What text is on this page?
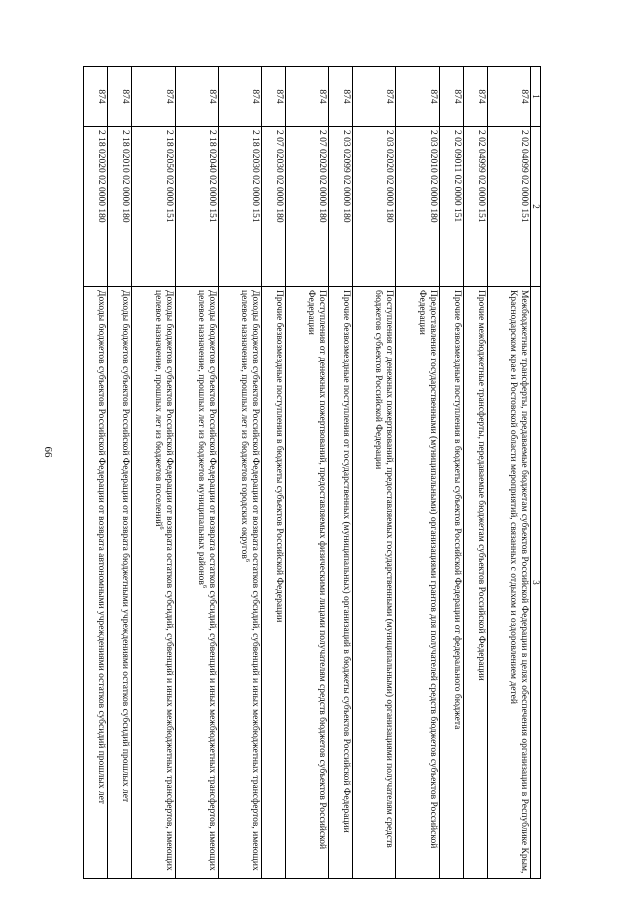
66
1	2	3
874	2 02 04099 02 0000 151	Межбюджетные трансферты, передаваемые бюджетам субъектов Российской Федерации в целях обеспечения организации в Республике Крым, Краснодарском крае и Ростовской области мероприятий, связанных с отдыхом и оздоровлением детей
874	2 02 04999 02 0000 151	Прочие межбюджетные трансферты, передаваемые бюджетам субъектов Российской Федерации
874	2 02 09011 02 0000 151	Прочие безвозмездные поступления в бюджеты субъектов Российской Федерации от федерального бюджета
874	2 03 02010 02 0000 180	Предоставление государственными (муниципальными) организациями грантов для получателей средств бюджетов субъектов Российской Федерации
874	2 03 02020 02 0000 180	Поступления от денежных пожертвований, предоставляемых государственными (муниципальными) организациями получателям средств бюджетов субъектов Российской Федерации
874	2 03 02099 02 0000 180	Прочие безвозмездные поступления от государственных (муниципальных) организаций в бюджеты субъектов Российской Федерации
874	2 07 02020 02 0000 180	Поступления от денежных пожертвований, предоставляемых физическими лицами получателям средств бюджетов субъектов Российской Федерации
874	2 07 02030 02 0000 180	Прочие безвозмездные поступления в бюджеты субъектов Российской Федерации
874	2 18 02030 02 0000 151	Доходы бюджетов субъектов Российской Федерации от возврата остатков субсидий, субвенций и иных межбюджетных трансфертов, имеющих целевое назначение, прошлых лет из бюджетов городских округов$^6$
874	2 18 02040 02 0000 151	Доходы бюджетов субъектов Российской Федерации от возврата остатков субсидий, субвенций и иных межбюджетных трансфертов, имеющих целевое назначение, прошлых лет из бюджетов муниципальных районов$^6$
874	2 18 02050 02 0000 151	Доходы бюджетов субъектов Российской Федерации от возврата остатков субсидий, субвенций и иных межбюджетных трансфертов, имеющих целевое назначение, прошлых лет из бюджетов поселений$^6$
874	2 18 02010 02 0000 180	Доходы бюджетов субъектов Российской Федерации от возврата бюджетными учреждениями остатков субсидий прошлых лет
874	2 18 02020 02 0000 180	Доходы бюджетов субъектов Российской Федерации от возврата автономными учреждениями остатков субсидий прошлых лет
